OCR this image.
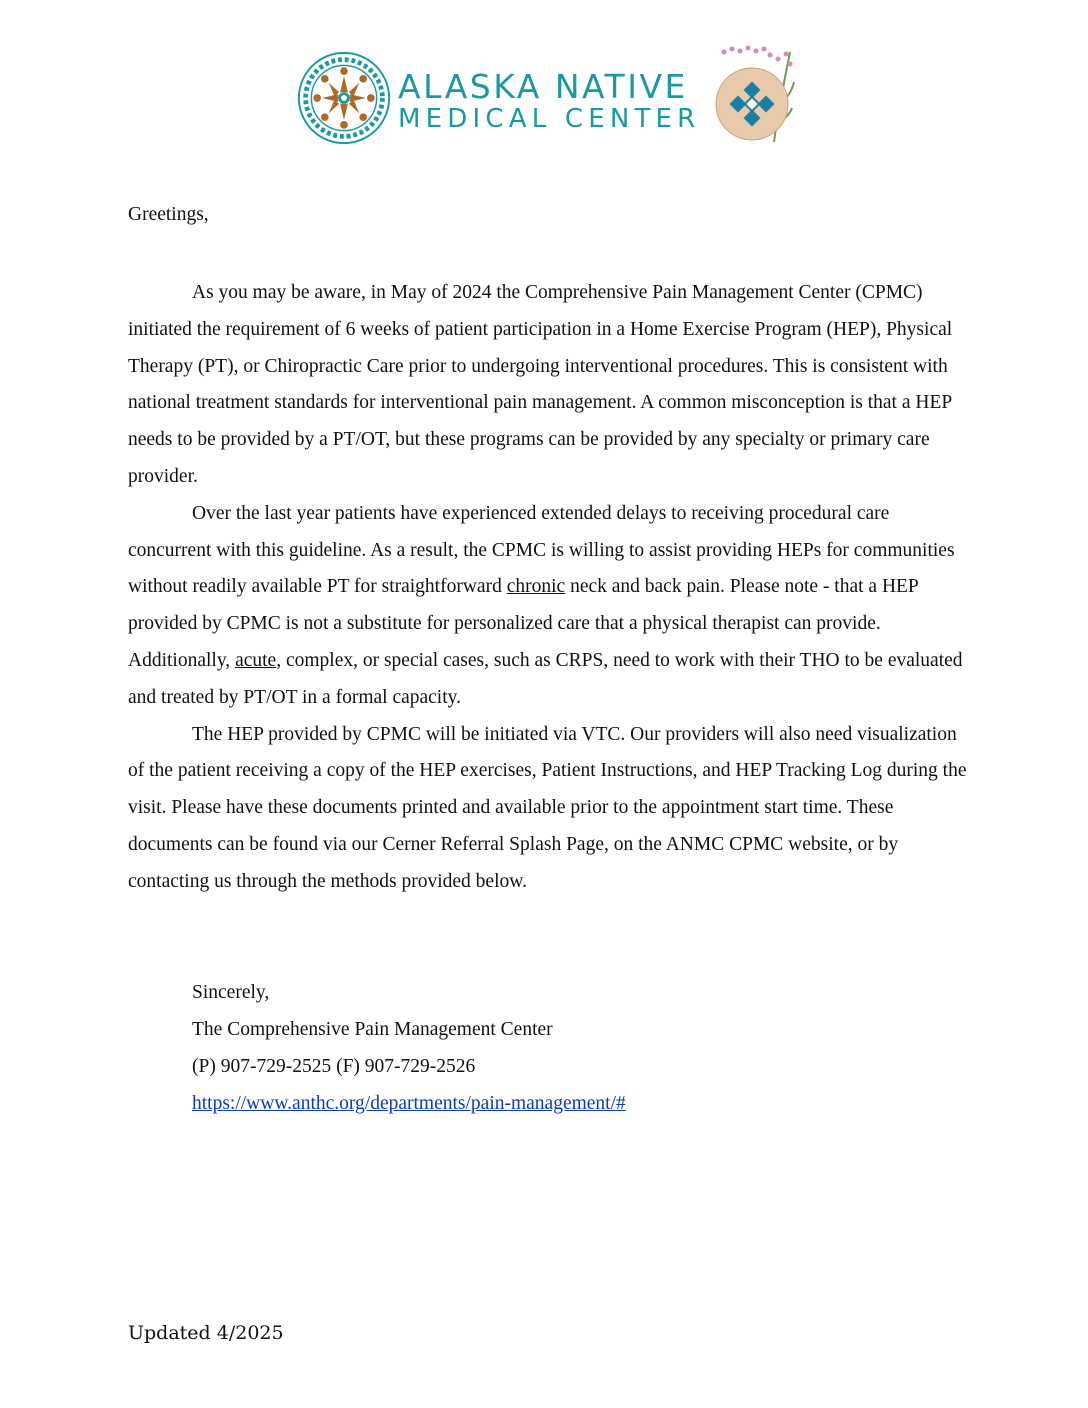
ALASKA NATIVE
MEDICAL CENTER

Greetings,

As you may be aware, in May of 2024 the Comprehensive Pain Management Center (CPMC) initiated the requirement of 6 weeks of patient participation in a Home Exercise Program (HEP), Physical Therapy (PT), or Chiropractic Care prior to undergoing interventional procedures. This is consistent with national treatment standards for interventional pain management. A common misconception is that a HEP needs to be provided by a PT/OT, but these programs can be provided by any specialty or primary care provider.

Over the last year patients have experienced extended delays to receiving procedural care concurrent with this guideline. As a result, the CPMC is willing to assist providing HEPs for communities without readily available PT for straightforward chronic neck and back pain. Please note - that a HEP provided by CPMC is not a substitute for personalized care that a physical therapist can provide. Additionally, acute, complex, or special cases, such as CRPS, need to work with their THO to be evaluated and treated by PT/OT in a formal capacity.

The HEP provided by CPMC will be initiated via VTC. Our providers will also need visualization of the patient receiving a copy of the HEP exercises, Patient Instructions, and HEP Tracking Log during the visit. Please have these documents printed and available prior to the appointment start time. These documents can be found via our Cerner Referral Splash Page, on the ANMC CPMC website, or by contacting us through the methods provided below.

Sincerely,
The Comprehensive Pain Management Center
(P) 907-729-2525 (F) 907-729-2526
https://www.anthc.org/departments/pain-management/#
Updated 4/2025
